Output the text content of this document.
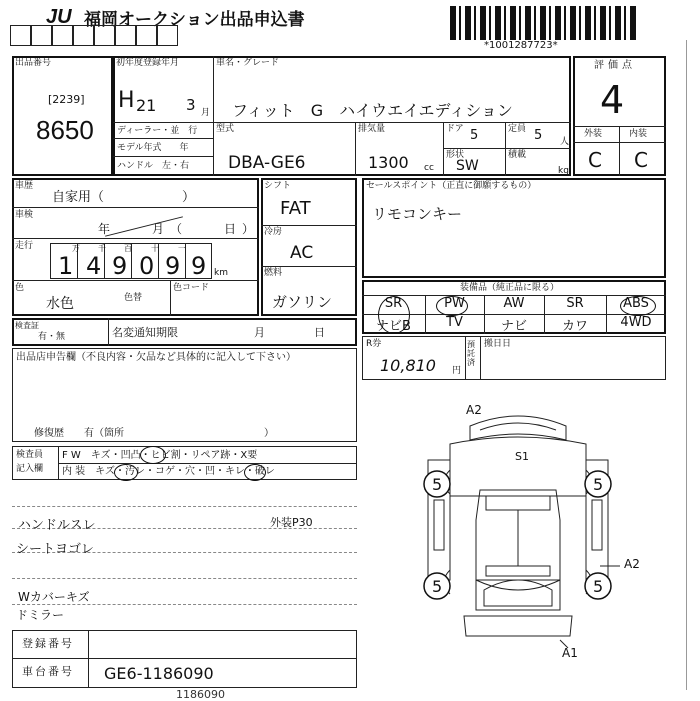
JU 福岡オークション出品申込書
*1001287723*
出品番号
[2239]
8650
初年度登録年月
H 21 3 月
車名・グレード
フィット　G　ハイウエイエディション
ディーラー・並　行
モデル年式　　年
ハンドル　左・右
型式
DBA-GE6
排気量
1300 cc
ドア 5	定員 5 人
形状
SW
積載
kg
評価点
4
外装	内装
C C
車歴
自家用（　　　　　　）
車検
年　　月（　　日）
走行	万 千 百 十 一
1 4 9 0 9 9 km
色
水色	色替
色コード
シフト
FAT
冷房
AC
燃料
ガソリン
セールスポイント（正直に御願するもの）
リモコンキー
装備品（純正品に限る）
SR	PW	AW	SR	ABS
ナビB	TV	ナビ	カワ	4WD
検査証
有・無	名変通知期限	月	日
R券
10,810 円
預託済
搬日日
出品店申告欄（不良内容・欠品など具体的に記入して下さい）
修復歴　　有（箇所　　　　　　　　　　　　　　）
検査員
記入欄
F W　キズ・凹凸・ヒビ割・リペア跡・X要
内 装　キズ・汚レ・コゲ・穴・凹・キレ・破レ
ハンドルスレ
シートヨゴレ
Wカバーキズ
ドミラー
外装P30
登録番号
車台番号 GE6-1186090
1186090
A2
S1
A2
A1
5	5
5	5
